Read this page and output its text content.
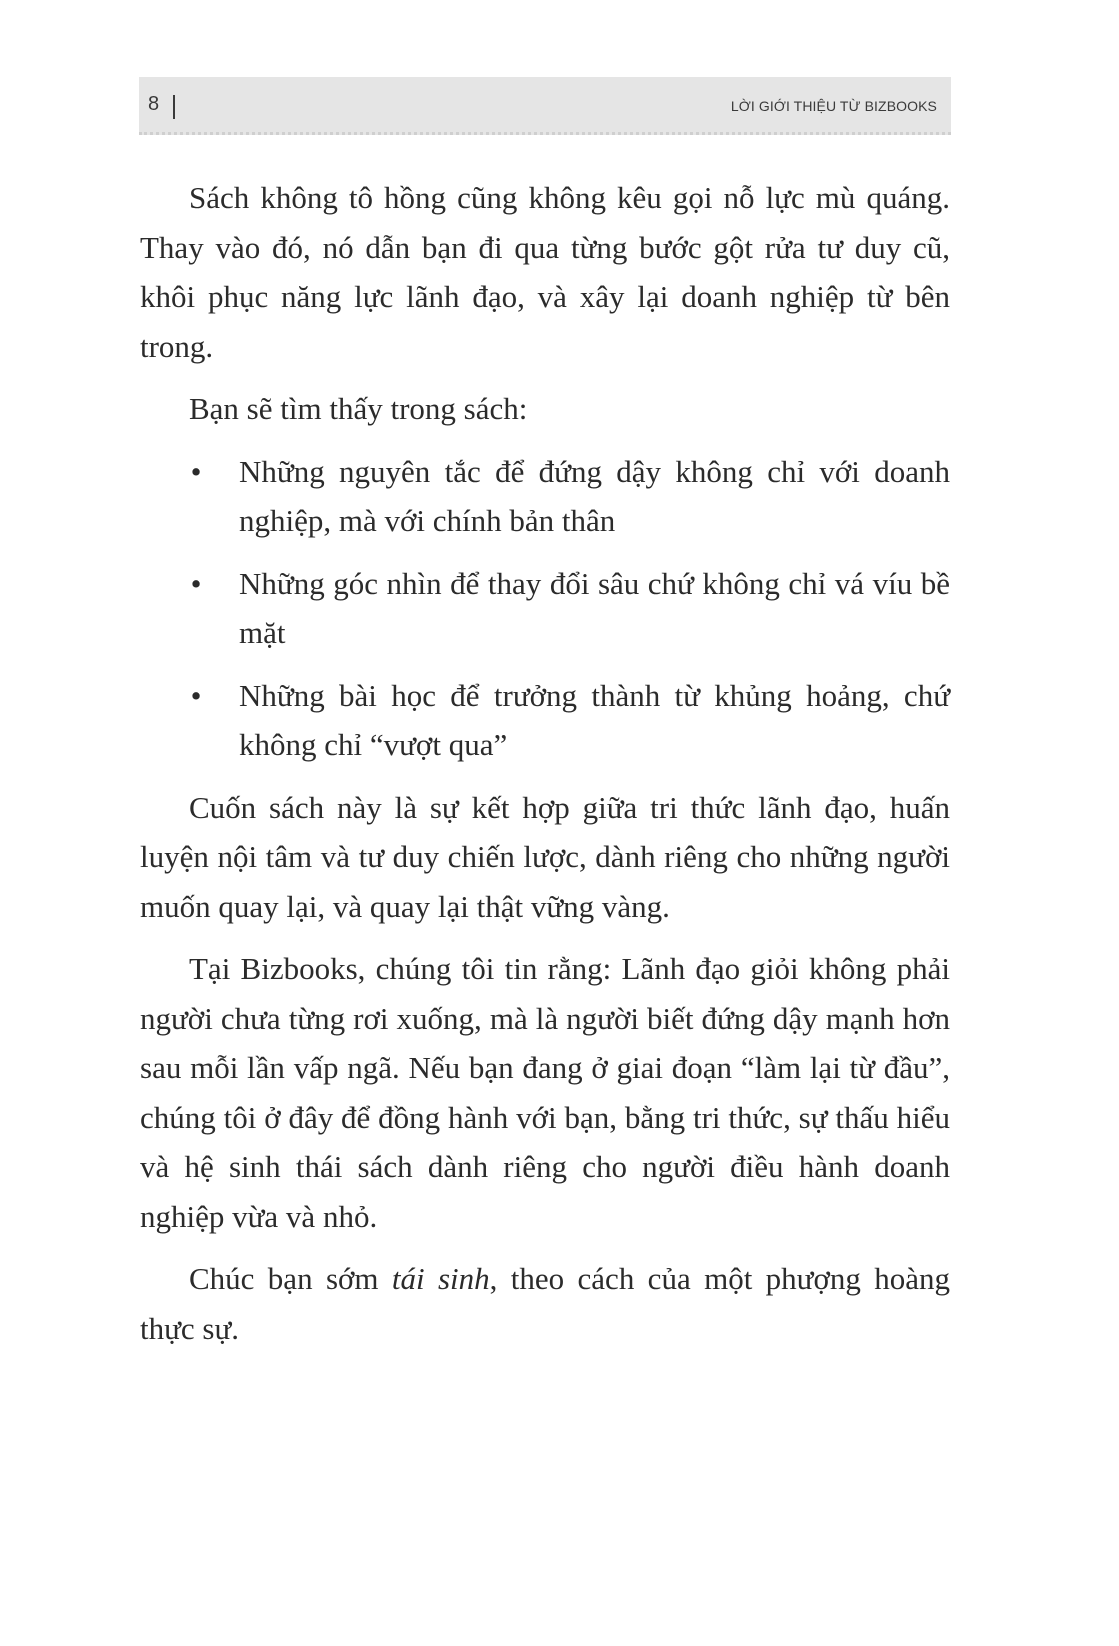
8	LỜI GIỚI THIỆU TỪ BIZBOOKS

Sách không tô hồng cũng không kêu gọi nỗ lực mù quáng. Thay vào đó, nó dẫn bạn đi qua từng bước gột rửa tư duy cũ, khôi phục năng lực lãnh đạo, và xây lại doanh nghiệp từ bên trong.

Bạn sẽ tìm thấy trong sách:

• Những nguyên tắc để đứng dậy không chỉ với doanh nghiệp, mà với chính bản thân
• Những góc nhìn để thay đổi sâu chứ không chỉ vá víu bề mặt
• Những bài học để trưởng thành từ khủng hoảng, chứ không chỉ “vượt qua”

Cuốn sách này là sự kết hợp giữa tri thức lãnh đạo, huấn luyện nội tâm và tư duy chiến lược, dành riêng cho những người muốn quay lại, và quay lại thật vững vàng.

Tại Bizbooks, chúng tôi tin rằng: Lãnh đạo giỏi không phải người chưa từng rơi xuống, mà là người biết đứng dậy mạnh hơn sau mỗi lần vấp ngã. Nếu bạn đang ở giai đoạn “làm lại từ đầu”, chúng tôi ở đây để đồng hành với bạn, bằng tri thức, sự thấu hiểu và hệ sinh thái sách dành riêng cho người điều hành doanh nghiệp vừa và nhỏ.

Chúc bạn sớm tái sinh, theo cách của một phượng hoàng thực sự.
